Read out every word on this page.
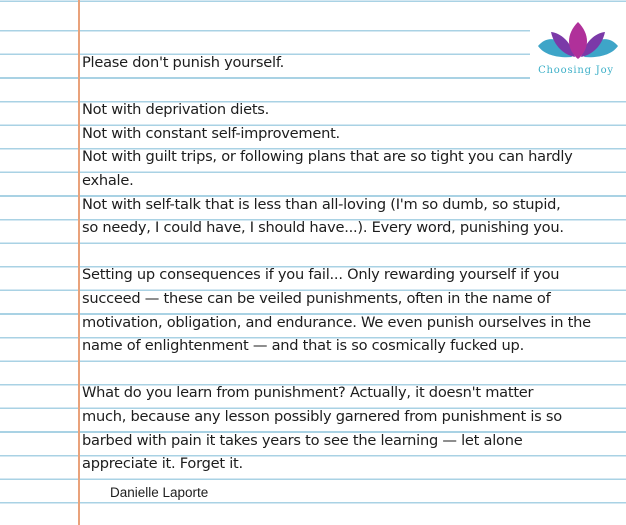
Choosing Joy

Please don't punish yourself.

Not with deprivation diets.
Not with constant self-improvement.
Not with guilt trips, or following plans that are so tight you can hardly
exhale.
Not with self-talk that is less than all-loving (I'm so dumb, so stupid,
so needy, I could have, I should have...). Every word, punishing you.

Setting up consequences if you fail... Only rewarding yourself if you
succeed — these can be veiled punishments, often in the name of
motivation, obligation, and endurance. We even punish ourselves in the
name of enlightenment — and that is so cosmically fucked up.

What do you learn from punishment? Actually, it doesn't matter
much, because any lesson possibly garnered from punishment is so
barbed with pain it takes years to see the learning — let alone
appreciate it. Forget it.

Danielle Laporte
